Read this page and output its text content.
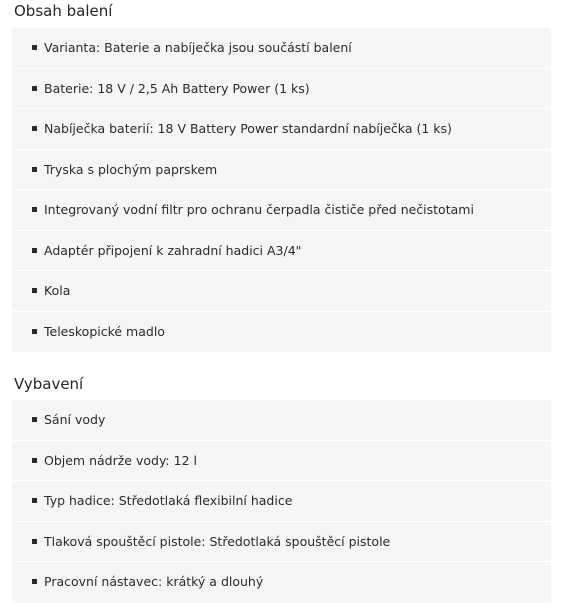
Obsah balení
Varianta: Baterie a nabíječka jsou součástí balení
Baterie: 18 V / 2,5 Ah Battery Power (1 ks)
Nabíječka baterií: 18 V Battery Power standardní nabíječka (1 ks)
Tryska s plochým paprskem
Integrovaný vodní filtr pro ochranu čerpadla čističe před nečistotami
Adaptér připojení k zahradní hadici A3/4"
Kola
Teleskopické madlo
Vybavení
Sání vody
Objem nádrže vody: 12 l
Typ hadice: Středotlaká flexibilní hadice
Tlaková spouštěcí pistole: Středotlaká spouštěcí pistole
Pracovní nástavec: krátký a dlouhý
